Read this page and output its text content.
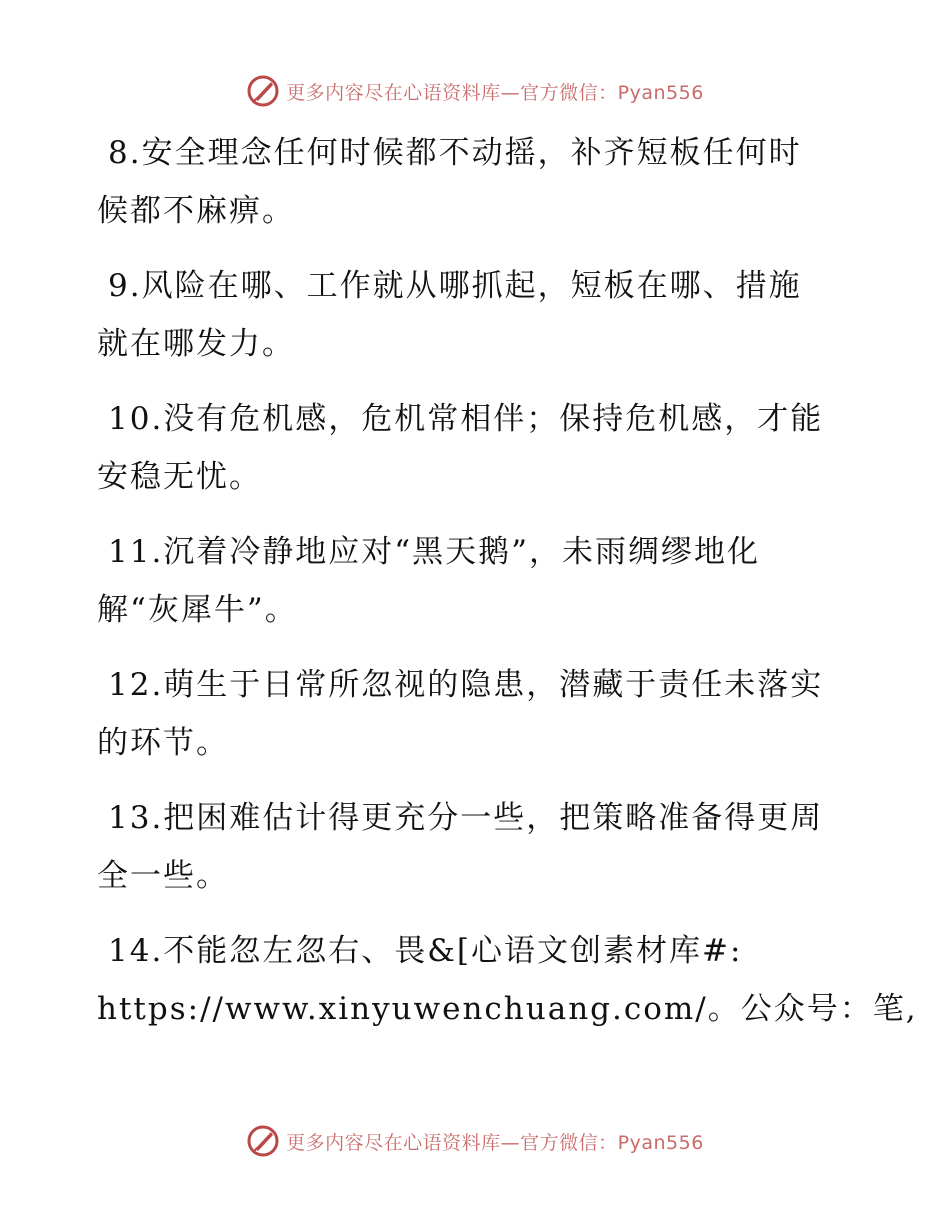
更多内容尽在心语资料库—官方微信：Pyan556

8.安全理念任何时候都不动摇，补齐短板任何时
候都不麻痹。

9.风险在哪、工作就从哪抓起，短板在哪、措施
就在哪发力。

10.没有危机感，危机常相伴；保持危机感，才能
安稳无忧。

11.沉着冷静地应对“黑天鹅”，未雨绸缪地化
解“灰犀牛”。

12.萌生于日常所忽视的隐患，潜藏于责任未落实
的环节。

13.把困难估计得更充分一些，把策略准备得更周
全一些。

14.不能忽左忽右、畏&[心语文创素材库#:
https://www.xinyuwenchuang.com/。公众号：笔,

更多内容尽在心语资料库—官方微信：Pyan556
